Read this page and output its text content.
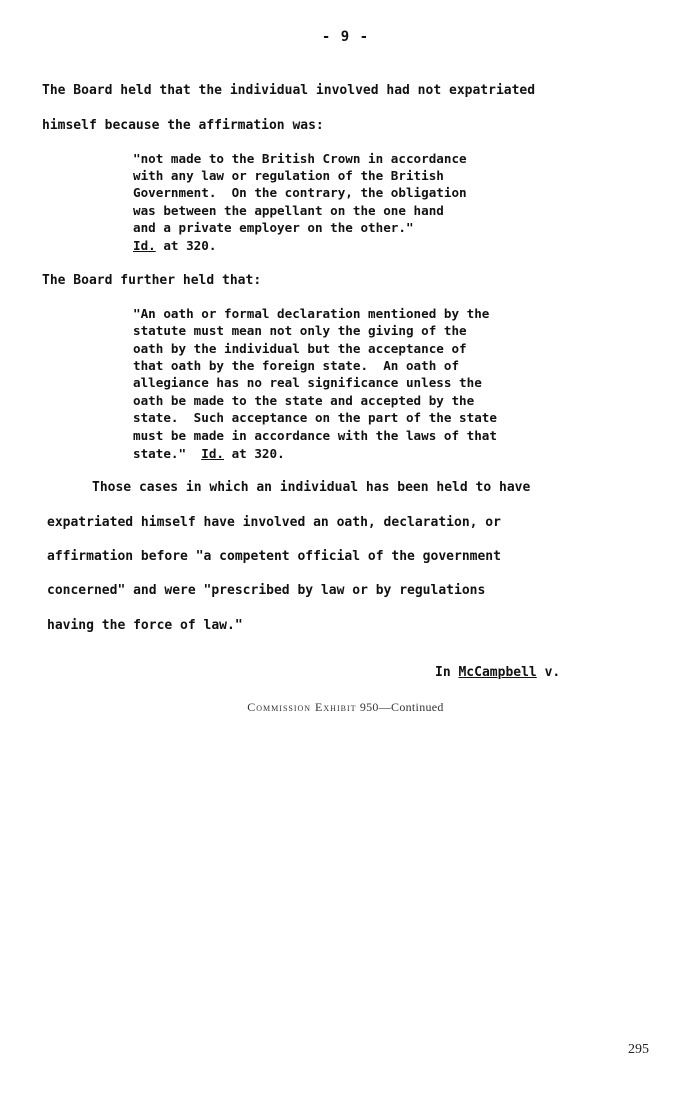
- 9 -
The Board held that the individual involved had not expatriated
himself because the affirmation was:
"not made to the British Crown in accordance
with any law or regulation of the British
Government.  On the contrary, the obligation
was between the appellant on the one hand
and a private employer on the other."
Id. at 320.
The Board further held that:
"An oath or formal declaration mentioned by the
statute must mean not only the giving of the
oath by the individual but the acceptance of
that oath by the foreign state.  An oath of
allegiance has no real significance unless the
oath be made to the state and accepted by the
state.  Such acceptance on the part of the state
must be made in accordance with the laws of that
state."  Id. at 320.
Those cases in which an individual has been held to have
expatriated himself have involved an oath, declaration, or
affirmation before "a competent official of the government
concerned" and were "prescribed by law or by regulations
having the force of law."
In McCampbell v.
Commission Exhibit 950—Continued
295
